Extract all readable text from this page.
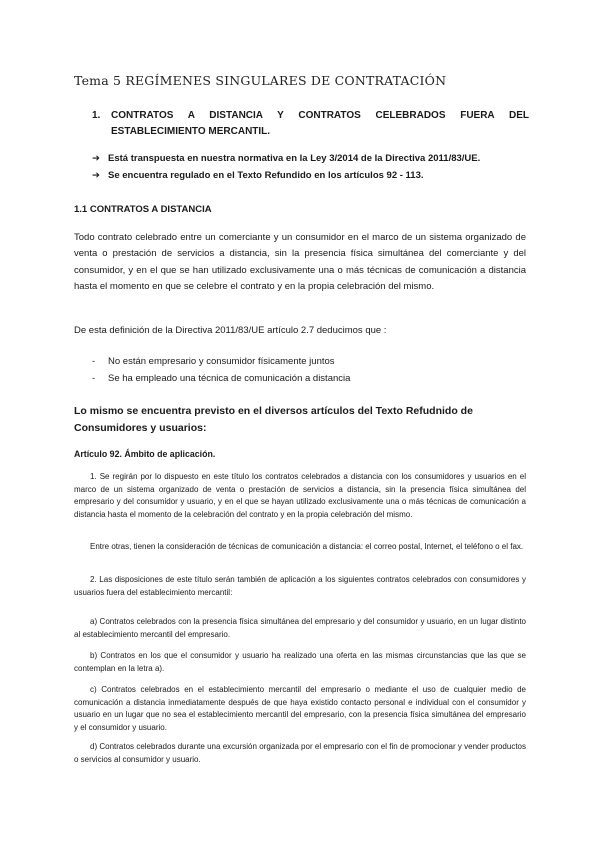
Tema 5 REGÍMENES SINGULARES DE CONTRATACIÓN
1. CONTRATOS A DISTANCIA Y CONTRATOS CELEBRADOS FUERA DEL ESTABLECIMIENTO MERCANTIL.
➔ Está transpuesta en nuestra normativa en la Ley 3/2014 de la Directiva 2011/83/UE.
➔ Se encuentra regulado en el Texto Refundido en los artículos 92 - 113.
1.1 CONTRATOS A DISTANCIA
Todo contrato celebrado entre un comerciante y un consumidor en el marco de un sistema organizado de venta o prestación de servicios a distancia, sin la presencia física simultánea del comerciante y del consumidor, y en el que se han utilizado exclusivamente una o más técnicas de comunicación a distancia hasta el momento en que se celebre el contrato y en la propia celebración del mismo.
De esta definición de la Directiva 2011/83/UE artículo 2.7 deducimos que :
- No están empresario y consumidor físicamente juntos
- Se ha empleado una técnica de comunicación a distancia
Lo mismo se encuentra previsto en el diversos artículos del Texto Refudnido de Consumidores y usuarios:
Artículo 92. Ámbito de aplicación.
1. Se regirán por lo dispuesto en este título los contratos celebrados a distancia con los consumidores y usuarios en el marco de un sistema organizado de venta o prestación de servicios a distancia, sin la presencia física simultánea del empresario y del consumidor y usuario, y en el que se hayan utilizado exclusivamente una o más técnicas de comunicación a distancia hasta el momento de la celebración del contrato y en la propia celebración del mismo.
Entre otras, tienen la consideración de técnicas de comunicación a distancia: el correo postal, Internet, el teléfono o el fax.
2. Las disposiciones de este título serán también de aplicación a los siguientes contratos celebrados con consumidores y usuarios fuera del establecimiento mercantil:
a) Contratos celebrados con la presencia física simultánea del empresario y del consumidor y usuario, en un lugar distinto al establecimiento mercantil del empresario.
b) Contratos en los que el consumidor y usuario ha realizado una oferta en las mismas circunstancias que las que se contemplan en la letra a).
c) Contratos celebrados en el establecimiento mercantil del empresario o mediante el uso de cualquier medio de comunicación a distancia inmediatamente después de que haya existido contacto personal e individual con el consumidor y usuario en un lugar que no sea el establecimiento mercantil del empresario, con la presencia física simultánea del empresario y el consumidor y usuario.
d) Contratos celebrados durante una excursión organizada por el empresario con el fin de promocionar y vender productos o servicios al consumidor y usuario.
